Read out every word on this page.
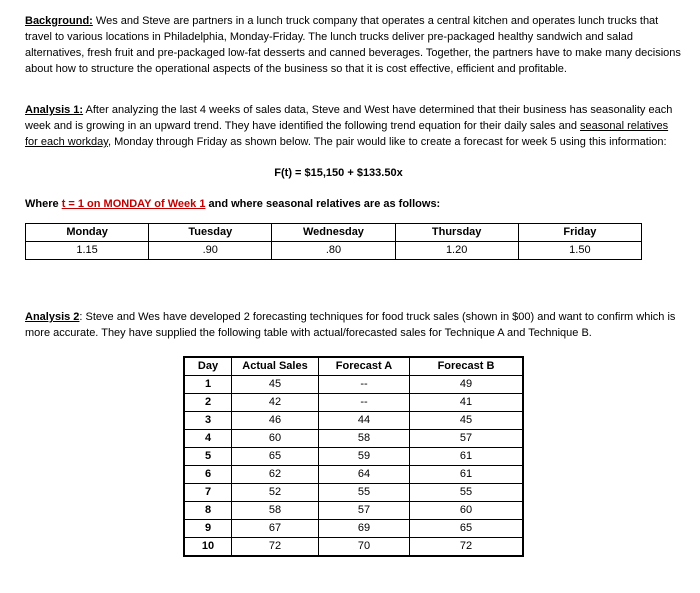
Background: Wes and Steve are partners in a lunch truck company that operates a central kitchen and operates lunch trucks that travel to various locations in Philadelphia, Monday-Friday. The lunch trucks deliver pre-packaged healthy sandwich and salad alternatives, fresh fruit and pre-packaged low-fat desserts and canned beverages. Together, the partners have to make many decisions about how to structure the operational aspects of the business so that it is cost effective, efficient and profitable.

Analysis 1: After analyzing the last 4 weeks of sales data, Steve and West have determined that their business has seasonality each week and is growing in an upward trend. They have identified the following trend equation for their daily sales and seasonal relatives for each workday, Monday through Friday as shown below. The pair would like to create a forecast for week 5 using this information:

F(t) = $15,150 + $133.50x

Where t = 1 on MONDAY of Week 1 and where seasonal relatives are as follows:

Monday	Tuesday	Wednesday	Thursday	Friday
1.15	.90	.80	1.20	1.50

Analysis 2: Steve and Wes have developed 2 forecasting techniques for food truck sales (shown in $00) and want to confirm which is more accurate. They have supplied the following table with actual/forecasted sales for Technique A and Technique B.

Day	Actual Sales	Forecast A	Forecast B
1	45	--	49
2	42	--	41
3	46	44	45
4	60	58	57
5	65	59	61
6	62	64	61
7	52	55	55
8	58	57	60
9	67	69	65
10	72	70	72
